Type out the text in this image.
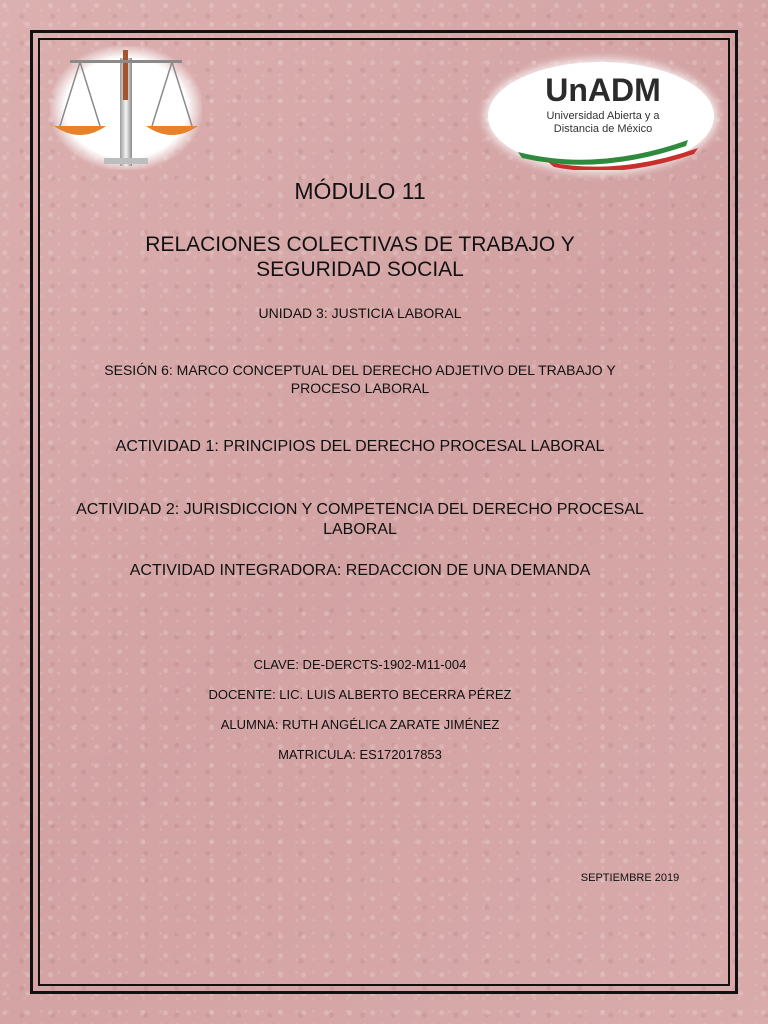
UnADM
Universidad Abierta y a
Distancia de México

MÓDULO 11

RELACIONES COLECTIVAS DE TRABAJO Y
SEGURIDAD SOCIAL

UNIDAD 3: JUSTICIA LABORAL

SESIÓN 6: MARCO CONCEPTUAL DEL DERECHO ADJETIVO DEL TRABAJO Y
PROCESO LABORAL

ACTIVIDAD 1: PRINCIPIOS DEL DERECHO PROCESAL LABORAL

ACTIVIDAD 2: JURISDICCION Y COMPETENCIA DEL DERECHO PROCESAL
LABORAL

ACTIVIDAD INTEGRADORA: REDACCION DE UNA DEMANDA

CLAVE: DE-DERCTS-1902-M11-004

DOCENTE: LIC. LUIS ALBERTO BECERRA PÉREZ

ALUMNA: RUTH ANGÉLICA ZARATE JIMÉNEZ

MATRICULA: ES172017853

SEPTIEMBRE 2019
